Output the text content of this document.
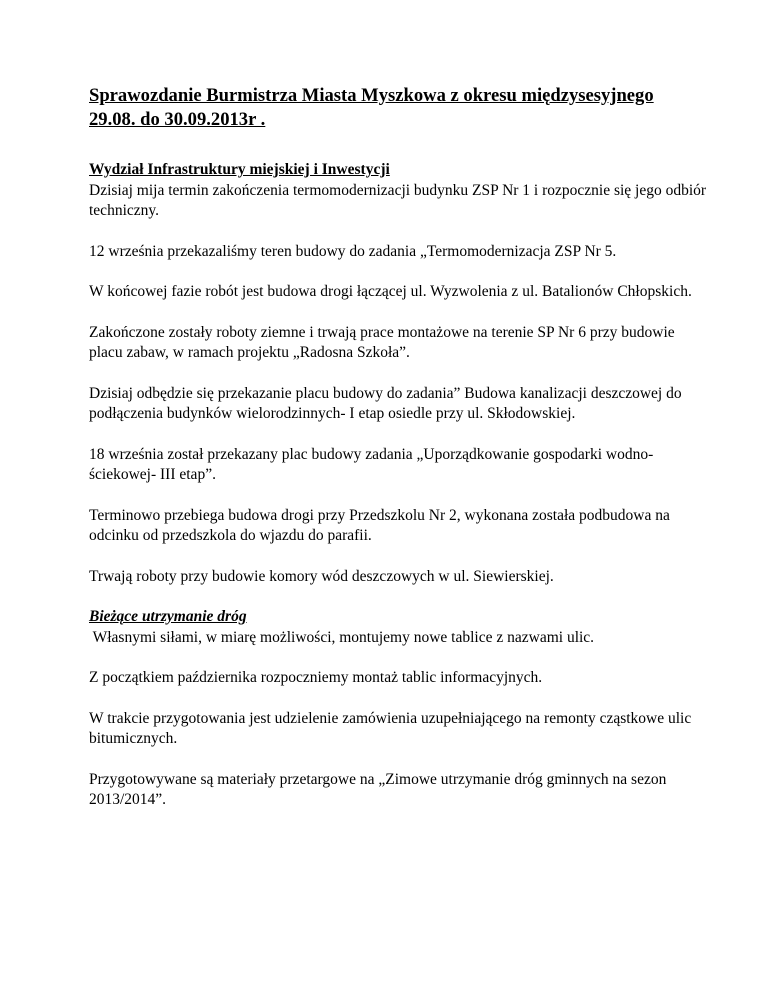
Sprawozdanie Burmistrza Miasta Myszkowa z okresu międzysesyjnego
29.08. do 30.09.2013r .

Wydział Infrastruktury miejskiej i Inwestycji
Dzisiaj mija termin zakończenia termomodernizacji budynku ZSP Nr 1 i rozpocznie się jego odbiór techniczny.

12 września przekazaliśmy teren budowy do zadania „Termomodernizacja ZSP Nr 5.

W końcowej fazie robót jest budowa drogi łączącej ul. Wyzwolenia z ul. Batalionów Chłopskich.

Zakończone zostały roboty ziemne i trwają prace montażowe na terenie SP Nr 6 przy budowie placu zabaw, w ramach projektu „Radosna Szkoła”.

Dzisiaj odbędzie się przekazanie placu budowy do zadania” Budowa kanalizacji deszczowej do podłączenia budynków wielorodzinnych- I etap osiedle przy ul. Skłodowskiej.

18 września został przekazany plac budowy zadania „Uporządkowanie gospodarki wodno-ściekowej- III etap”.

Terminowo przebiega budowa drogi przy Przedszkolu Nr 2, wykonana została podbudowa na odcinku od przedszkola do wjazdu do parafii.

Trwają roboty przy budowie komory wód deszczowych w ul. Siewierskiej.

Bieżące utrzymanie dróg
Własnymi siłami, w miarę możliwości, montujemy nowe tablice z nazwami ulic.

Z początkiem października rozpoczniemy montaż tablic informacyjnych.

W trakcie przygotowania jest udzielenie zamówienia uzupełniającego na remonty cząstkowe ulic bitumicznych.

Przygotowywane są materiały przetargowe na „Zimowe utrzymanie dróg gminnych na sezon 2013/2014”.
